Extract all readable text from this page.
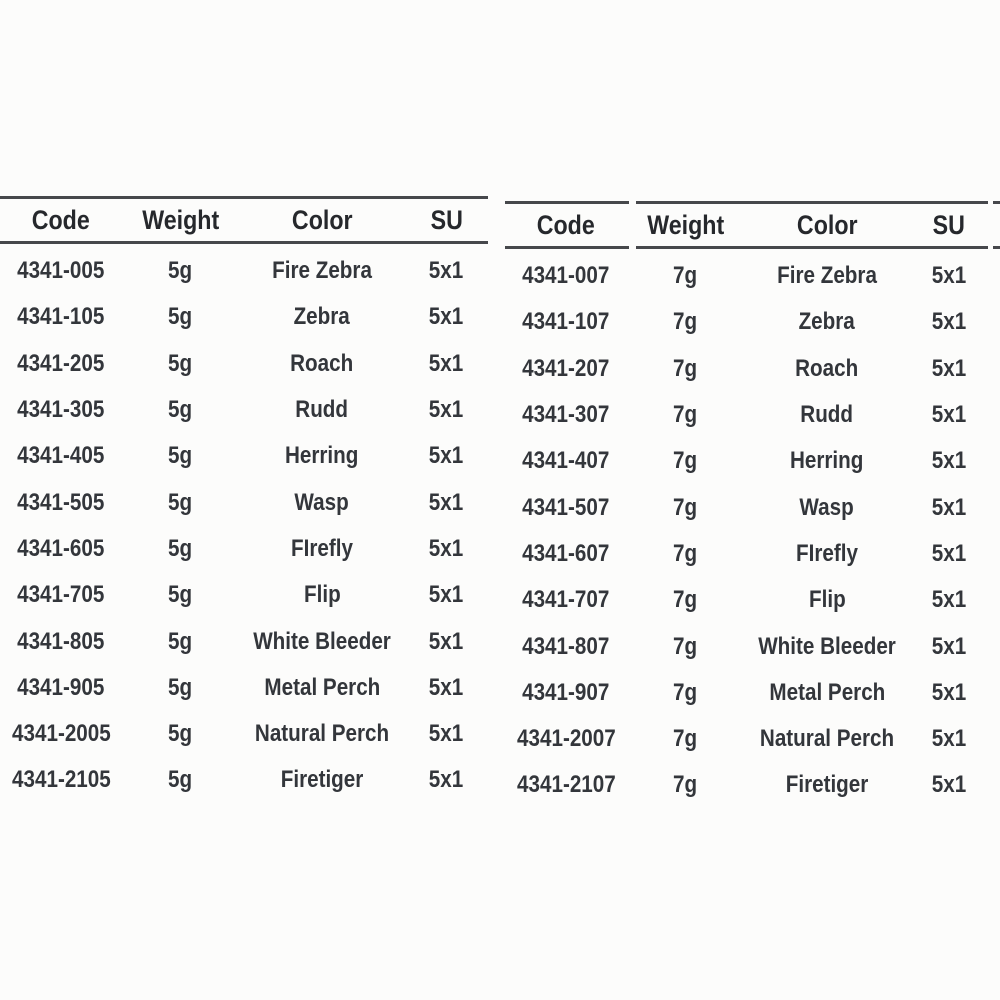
Code	Weight	Color	SU
4341-005	5g	Fire Zebra	5x1
4341-105	5g	Zebra	5x1
4341-205	5g	Roach	5x1
4341-305	5g	Rudd	5x1
4341-405	5g	Herring	5x1
4341-505	5g	Wasp	5x1
4341-605	5g	FIrefly	5x1
4341-705	5g	Flip	5x1
4341-805	5g	White Bleeder	5x1
4341-905	5g	Metal Perch	5x1
4341-2005	5g	Natural Perch	5x1
4341-2105	5g	Firetiger	5x1
Code	Weight	Color	SU
4341-007	7g	Fire Zebra	5x1
4341-107	7g	Zebra	5x1
4341-207	7g	Roach	5x1
4341-307	7g	Rudd	5x1
4341-407	7g	Herring	5x1
4341-507	7g	Wasp	5x1
4341-607	7g	FIrefly	5x1
4341-707	7g	Flip	5x1
4341-807	7g	White Bleeder	5x1
4341-907	7g	Metal Perch	5x1
4341-2007	7g	Natural Perch	5x1
4341-2107	7g	Firetiger	5x1
